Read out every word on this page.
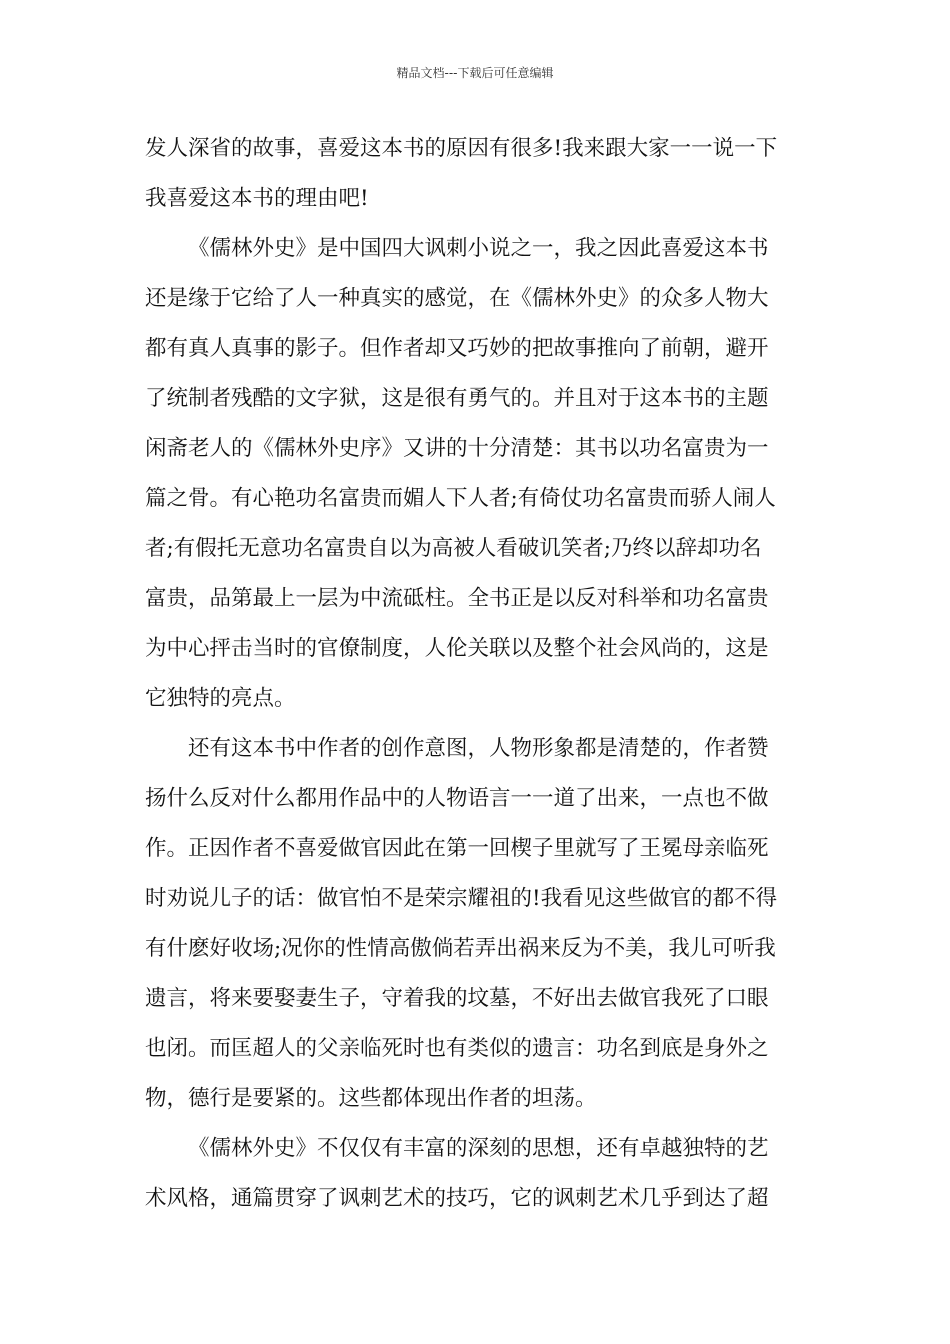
精品文档---下载后可任意编辑
发人深省的故事，喜爱这本书的原因有很多!我来跟大家一一说一下
我喜爱这本书的理由吧!
《儒林外史》是中国四大讽刺小说之一，我之因此喜爱这本书
还是缘于它给了人一种真实的感觉，在《儒林外史》的众多人物大
都有真人真事的影子。但作者却又巧妙的把故事推向了前朝，避开
了统制者残酷的文字狱，这是很有勇气的。并且对于这本书的主题
闲斋老人的《儒林外史序》又讲的十分清楚：其书以功名富贵为一
篇之骨。有心艳功名富贵而媚人下人者;有倚仗功名富贵而骄人闹人
者;有假托无意功名富贵自以为高被人看破讥笑者;乃终以辞却功名
富贵，品第最上一层为中流砥柱。全书正是以反对科举和功名富贵
为中心抨击当时的官僚制度，人伦关联以及整个社会风尚的，这是
它独特的亮点。
还有这本书中作者的创作意图，人物形象都是清楚的，作者赞
扬什么反对什么都用作品中的人物语言一一道了出来，一点也不做
作。正因作者不喜爱做官因此在第一回楔子里就写了王冕母亲临死
时劝说儿子的话：做官怕不是荣宗耀祖的!我看见这些做官的都不得
有什麽好收场;况你的性情高傲倘若弄出祸来反为不美，我儿可听我
遗言，将来要娶妻生子，守着我的坟墓，不好出去做官我死了口眼
也闭。而匡超人的父亲临死时也有类似的遗言：功名到底是身外之
物，德行是要紧的。这些都体现出作者的坦荡。
《儒林外史》不仅仅有丰富的深刻的思想，还有卓越独特的艺
术风格，通篇贯穿了讽刺艺术的技巧，它的讽刺艺术几乎到达了超
